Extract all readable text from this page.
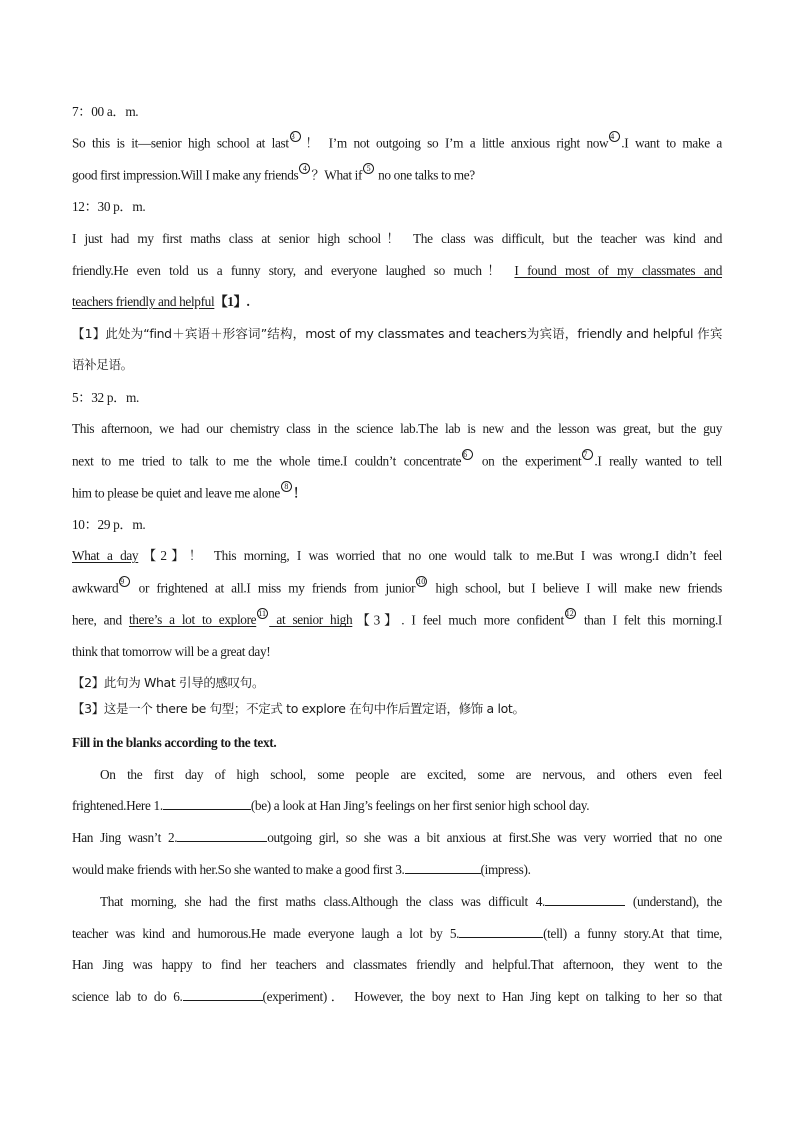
7：00 a．m.
So this is it—senior high school at last 3 ！ I’m not outgoing so I’m a little anxious right now 4 .I want to make a
good first impression.Will I make any friends 4 ？What if 5 no one talks to me?
12：30 p．m.
I just had my first maths class at senior high school！ The class was difficult, but the teacher was kind and
friendly.He even told us a funny story, and everyone laughed so much！ I found most of my classmates and
teachers friendly and helpful【1】.
【1】此处为“find＋宾语＋形容词”结构，most of my classmates and teachers为宾语，friendly and helpful 作宾
语补足语。
5：32 p．m.
This afternoon, we had our chemistry class in the science lab.The lab is new and the lesson was great, but the guy
next to me tried to talk to me the whole time.I couldn’t concentrate 6 on the experiment 7 .I really wanted to tell
him to please be quiet and leave me alone 8 ！
10：29 p．m.
What a day【2】！ This morning, I was worried that no one would talk to me.But I was wrong.I didn’t feel
awkward 9 or frightened at all.I miss my friends from junior 10 high school, but I believe I will make new friends
here, and there’s a lot to explore 11 at senior high【3】. I feel much more confident 12 than I felt this morning.I
think that tomorrow will be a great day!
【2】此句为 What 引导的感叹句。
【3】这是一个 there be 句型；不定式 to explore 在句中作后置定语，修饰 a lot。
Fill in the blanks according to the text.
On the first day of high school, some people are excited, some are nervous, and others even feel
frightened.Here 1.	(be) a look at Han Jing’s feelings on her first senior high school day.
Han Jing wasn’t 2.	outgoing girl, so she was a bit anxious at first.She was very worried that no one
would make friends with her.So she wanted to make a good first 3.	(impress).
That morning, she had the first maths class.Although the class was difficult 4.	(understand), the
teacher was kind and humorous.He made everyone laugh a lot by 5.	(tell) a funny story.At that time,
Han Jing was happy to find her teachers and classmates friendly and helpful.That afternoon, they went to the
science lab to do 6.	(experiment)． However, the boy next to Han Jing kept on talking to her so that
